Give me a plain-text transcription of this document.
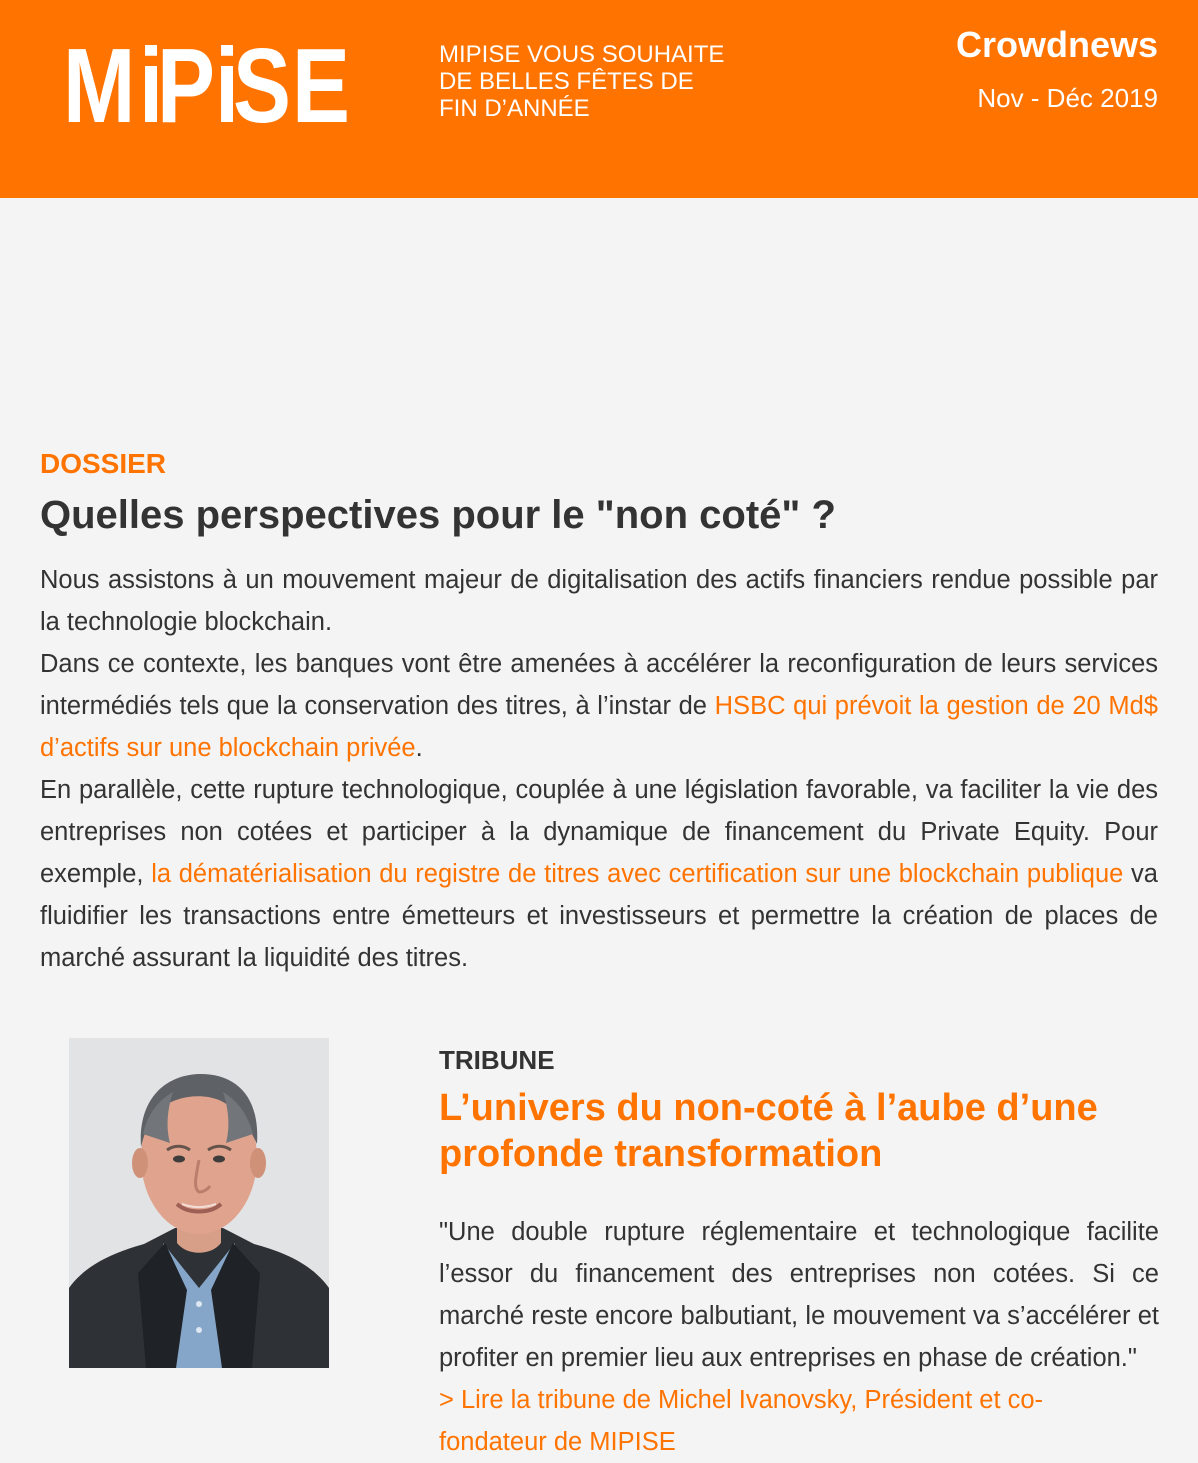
M i
P i
S E	MIPISE VOUS SOUHAITE
DE BELLES FÊTES DE
FIN D’ANNÉE
Crowdnews
Nov - Déc 2019
DOSSIER
Quelles perspectives pour le "non coté" ?

Nous assistons à un mouvement majeur de digitalisation des actifs financiers rendue possible par la technologie blockchain.

Dans ce contexte, les banques vont être amenées à accélérer la reconfiguration de leurs services intermédiés tels que la conservation des titres, à l’instar de HSBC qui prévoit la gestion de 20 Md$ d’actifs sur une blockchain privée.

En parallèle, cette rupture technologique, couplée à une législation favorable, va faciliter la vie des entreprises non cotées et participer à la dynamique de financement du Private Equity. Pour exemple, la dématérialisation du registre de titres avec certification sur une blockchain publique va fluidifier les transactions entre émetteurs et investisseurs et permettre la création de places de marché assurant la liquidité des titres.

TRIBUNE
L’univers du non-coté à l’aube d’une profonde transformation
"Une double rupture réglementaire et technologique facilite l’essor du financement des entreprises non cotées. Si ce marché reste encore balbutiant, le mouvement va s’accélérer et profiter en premier lieu aux entreprises en phase de création."
> Lire la tribune de Michel Ivanovsky, Président et co-fondateur de MIPISE
